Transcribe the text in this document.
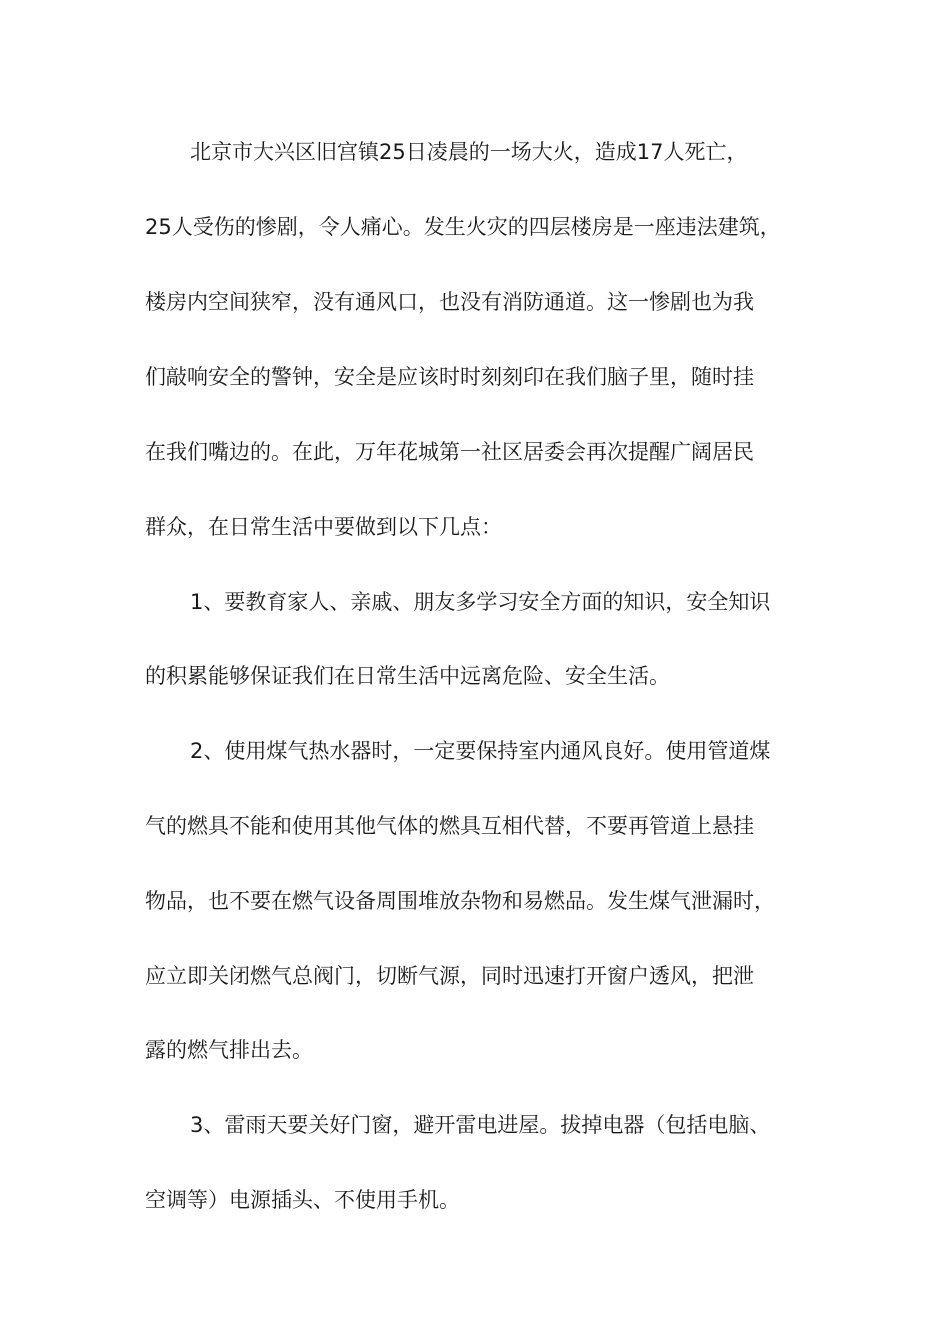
北京市大兴区旧宫镇25日凌晨的一场大火，造成17人死亡，
25人受伤的惨剧，令人痛心。发生火灾的四层楼房是一座违法建筑，
楼房内空间狭窄，没有通风口，也没有消防通道。这一惨剧也为我
们敲响安全的警钟，安全是应该时时刻刻印在我们脑子里，随时挂
在我们嘴边的。在此，万年花城第一社区居委会再次提醒广阔居民
群众，在日常生活中要做到以下几点：
1、要教育家人、亲戚、朋友多学习安全方面的知识，安全知识
的积累能够保证我们在日常生活中远离危险、安全生活。
2、使用煤气热水器时，一定要保持室内通风良好。使用管道煤
气的燃具不能和使用其他气体的燃具互相代替，不要再管道上悬挂
物品，也不要在燃气设备周围堆放杂物和易燃品。发生煤气泄漏时，
应立即关闭燃气总阀门，切断气源，同时迅速打开窗户透风，把泄
露的燃气排出去。
3、雷雨天要关好门窗，避开雷电进屋。拔掉电器（包括电脑、
空调等）电源插头、不使用手机。
